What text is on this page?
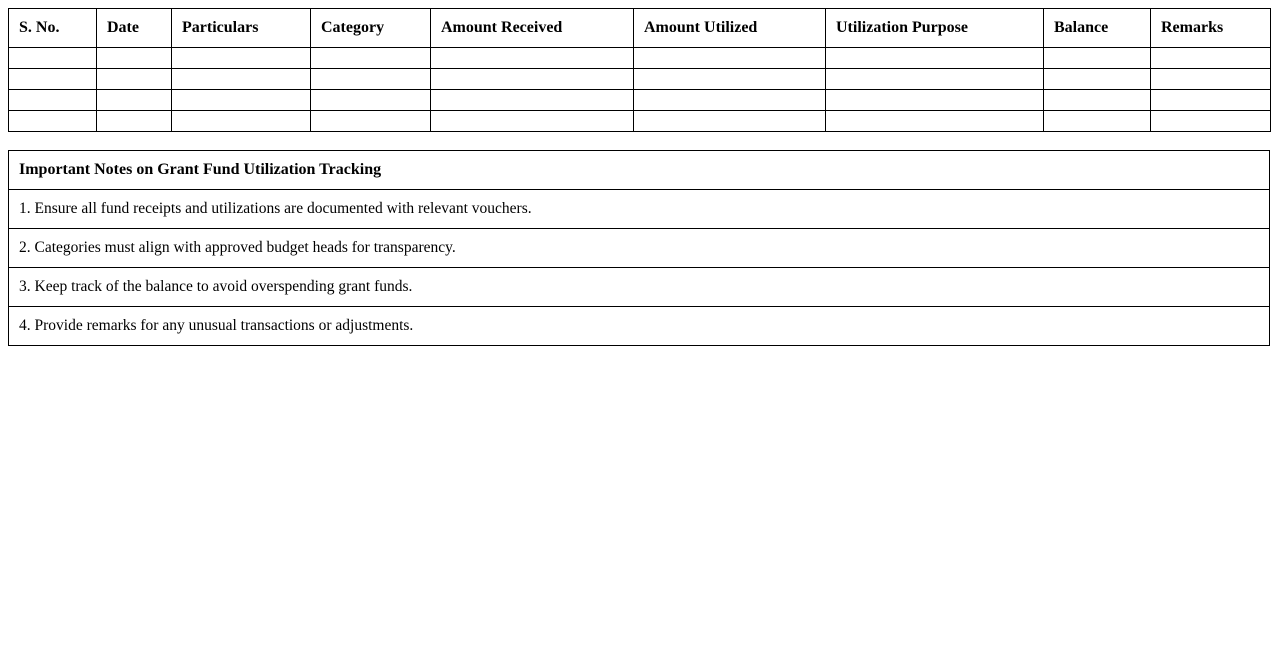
S. No.	Date	Particulars	Category	Amount Received	Amount Utilized	Utilization Purpose	Balance	Remarks

Important Notes on Grant Fund Utilization Tracking
1. Ensure all fund receipts and utilizations are documented with relevant vouchers.
2. Categories must align with approved budget heads for transparency.
3. Keep track of the balance to avoid overspending grant funds.
4. Provide remarks for any unusual transactions or adjustments.
